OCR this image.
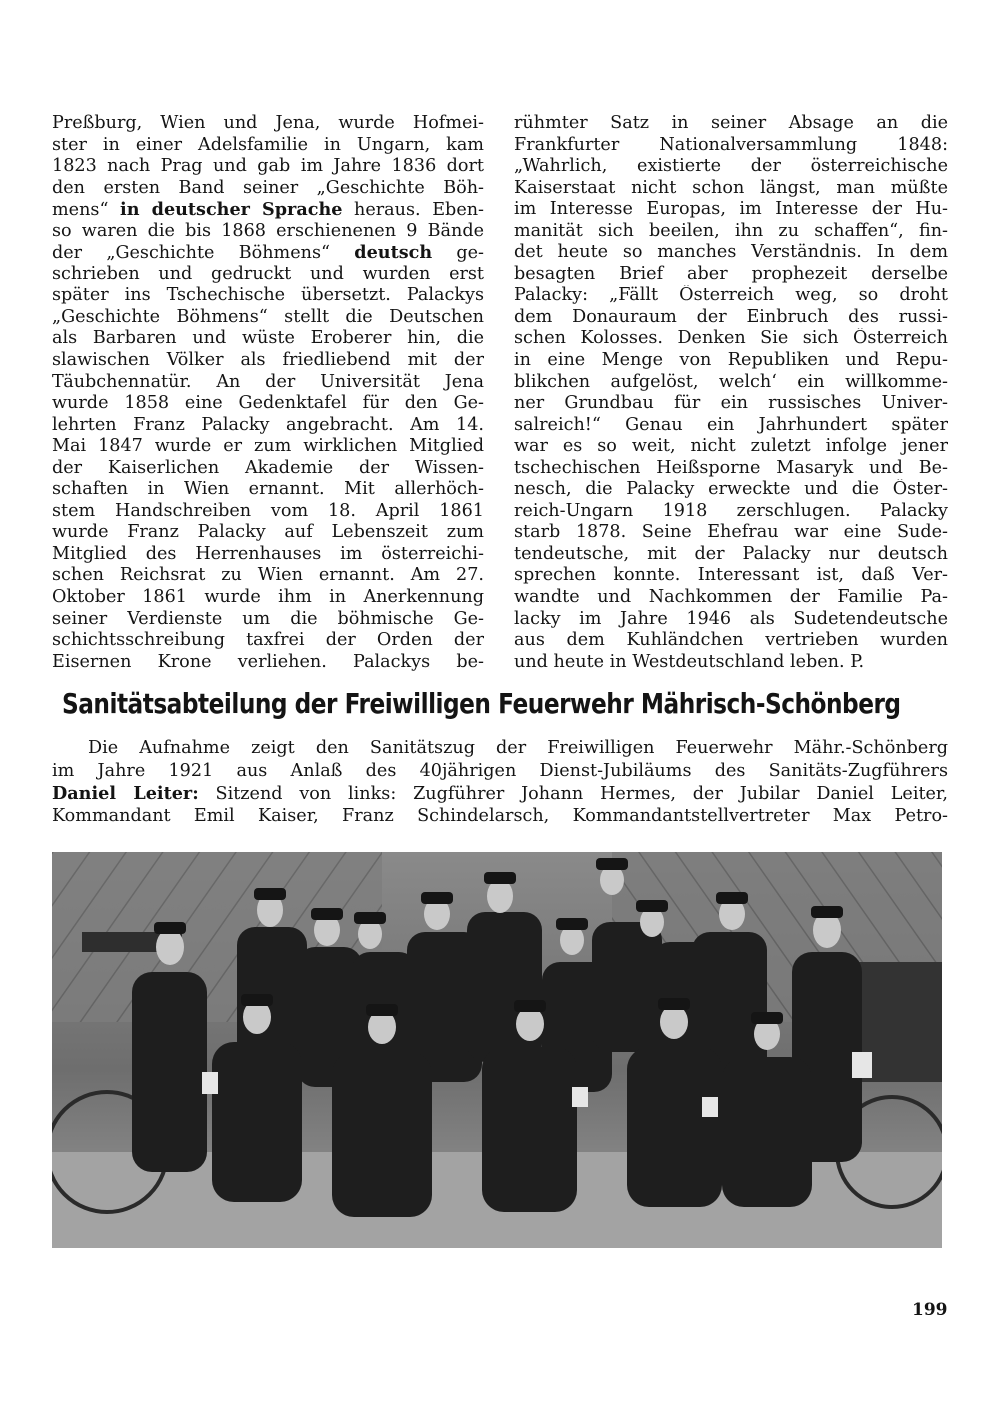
Preßburg, Wien und Jena, wurde Hofmei-
ster in einer Adelsfamilie in Ungarn, kam
1823 nach Prag und gab im Jahre 1836 dort
den ersten Band seiner „Geschichte Böh-
mens“ in deutscher Sprache heraus. Eben-
so waren die bis 1868 erschienenen 9 Bände
der „Geschichte Böhmens“ deutsch ge-
schrieben und gedruckt und wurden erst
später ins Tschechische übersetzt. Palackys
„Geschichte Böhmens“ stellt die Deutschen
als Barbaren und wüste Eroberer hin, die
slawischen Völker als friedliebend mit der
Täubchennatür. An der Universität Jena
wurde 1858 eine Gedenktafel für den Ge-
lehrten Franz Palacky angebracht. Am 14.
Mai 1847 wurde er zum wirklichen Mitglied
der Kaiserlichen Akademie der Wissen-
schaften in Wien ernannt. Mit allerhöch-
stem Handschreiben vom 18. April 1861
wurde Franz Palacky auf Lebenszeit zum
Mitglied des Herrenhauses im österreichi-
schen Reichsrat zu Wien ernannt. Am 27.
Oktober 1861 wurde ihm in Anerkennung
seiner Verdienste um die böhmische Ge-
schichtsschreibung taxfrei der Orden der
Eisernen Krone verliehen. Palackys be-
rühmter Satz in seiner Absage an die
Frankfurter Nationalversammlung 1848:
„Wahrlich, existierte der österreichische
Kaiserstaat nicht schon längst, man müßte
im Interesse Europas, im Interesse der Hu-
manität sich beeilen, ihn zu schaffen“, fin-
det heute so manches Verständnis. In dem
besagten Brief aber prophezeit derselbe
Palacky: „Fällt Österreich weg, so droht
dem Donauraum der Einbruch des russi-
schen Kolosses. Denken Sie sich Österreich
in eine Menge von Republiken und Repu-
blikchen aufgelöst, welch‘ ein willkomme-
ner Grundbau für ein russisches Univer-
salreich!“ Genau ein Jahrhundert später
war es so weit, nicht zuletzt infolge jener
tschechischen Heißsporne Masaryk und Be-
nesch, die Palacky erweckte und die Öster-
reich-Ungarn 1918 zerschlugen. Palacky
starb 1878. Seine Ehefrau war eine Sude-
tendeutsche, mit der Palacky nur deutsch
sprechen konnte. Interessant ist, daß Ver-
wandte und Nachkommen der Familie Pa-
lacky im Jahre 1946 als Sudetendeutsche
aus dem Kuhländchen vertrieben wurden
und heute in Westdeutschland leben. P.
Sanitätsabteilung der Freiwilligen Feuerwehr Mährisch-Schönberg
Die Aufnahme zeigt den Sanitätszug der Freiwilligen Feuerwehr Mähr.-Schönberg
im Jahre 1921 aus Anlaß des 40jährigen Dienst-Jubiläums des Sanitäts-Zugführers
Daniel Leiter: Sitzend von links: Zugführer Johann Hermes, der Jubilar Daniel Leiter,
Kommandant Emil Kaiser, Franz Schindelarsch, Kommandantstellvertreter Max Petro-
199
